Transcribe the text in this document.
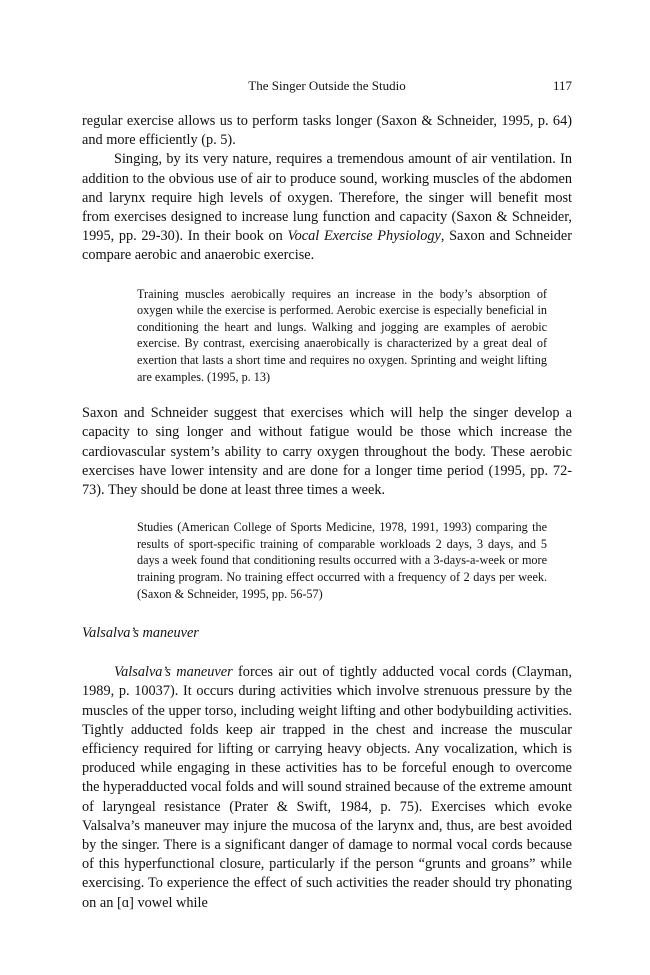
The Singer Outside the Studio	117

regular exercise allows us to perform tasks longer (Saxon & Schneider, 1995, p. 64) and more efficiently (p. 5).

Singing, by its very nature, requires a tremendous amount of air ventilation. In addition to the obvious use of air to produce sound, working muscles of the abdomen and larynx require high levels of oxygen. Therefore, the singer will benefit most from exercises designed to increase lung function and capacity (Saxon & Schneider, 1995, pp. 29-30). In their book on Vocal Exercise Physiology, Saxon and Schneider compare aerobic and anaerobic exercise.

Training muscles aerobically requires an increase in the body’s absorption of oxygen while the exercise is performed. Aerobic exercise is especially beneficial in conditioning the heart and lungs. Walking and jogging are examples of aerobic exercise. By contrast, exercising anaerobically is characterized by a great deal of exertion that lasts a short time and requires no oxygen. Sprinting and weight lifting are examples. (1995, p. 13)

Saxon and Schneider suggest that exercises which will help the singer develop a capacity to sing longer and without fatigue would be those which increase the cardiovascular system’s ability to carry oxygen throughout the body. These aerobic exercises have lower intensity and are done for a longer time period (1995, pp. 72-73). They should be done at least three times a week.

Studies (American College of Sports Medicine, 1978, 1991, 1993) comparing the results of sport-specific training of comparable workloads 2 days, 3 days, and 5 days a week found that conditioning results occurred with a 3-days-a-week or more training program. No training effect occurred with a frequency of 2 days per week. (Saxon & Schneider, 1995, pp. 56-57)

Valsalva’s maneuver

Valsalva’s maneuver forces air out of tightly adducted vocal cords (Clayman, 1989, p. 10037). It occurs during activities which involve strenuous pressure by the muscles of the upper torso, including weight lifting and other bodybuilding activities. Tightly adducted folds keep air trapped in the chest and increase the muscular efficiency required for lifting or carrying heavy objects. Any vocalization, which is produced while engaging in these activities has to be forceful enough to overcome the hyperadducted vocal folds and will sound strained because of the extreme amount of laryngeal resistance (Prater & Swift, 1984, p. 75). Exercises which evoke Valsalva’s maneuver may injure the mucosa of the larynx and, thus, are best avoided by the singer. There is a significant danger of damage to normal vocal cords because of this hyperfunctional closure, particularly if the person “grunts and groans” while exercising. To experience the effect of such activities the reader should try phonating on an [ɑ] vowel while
